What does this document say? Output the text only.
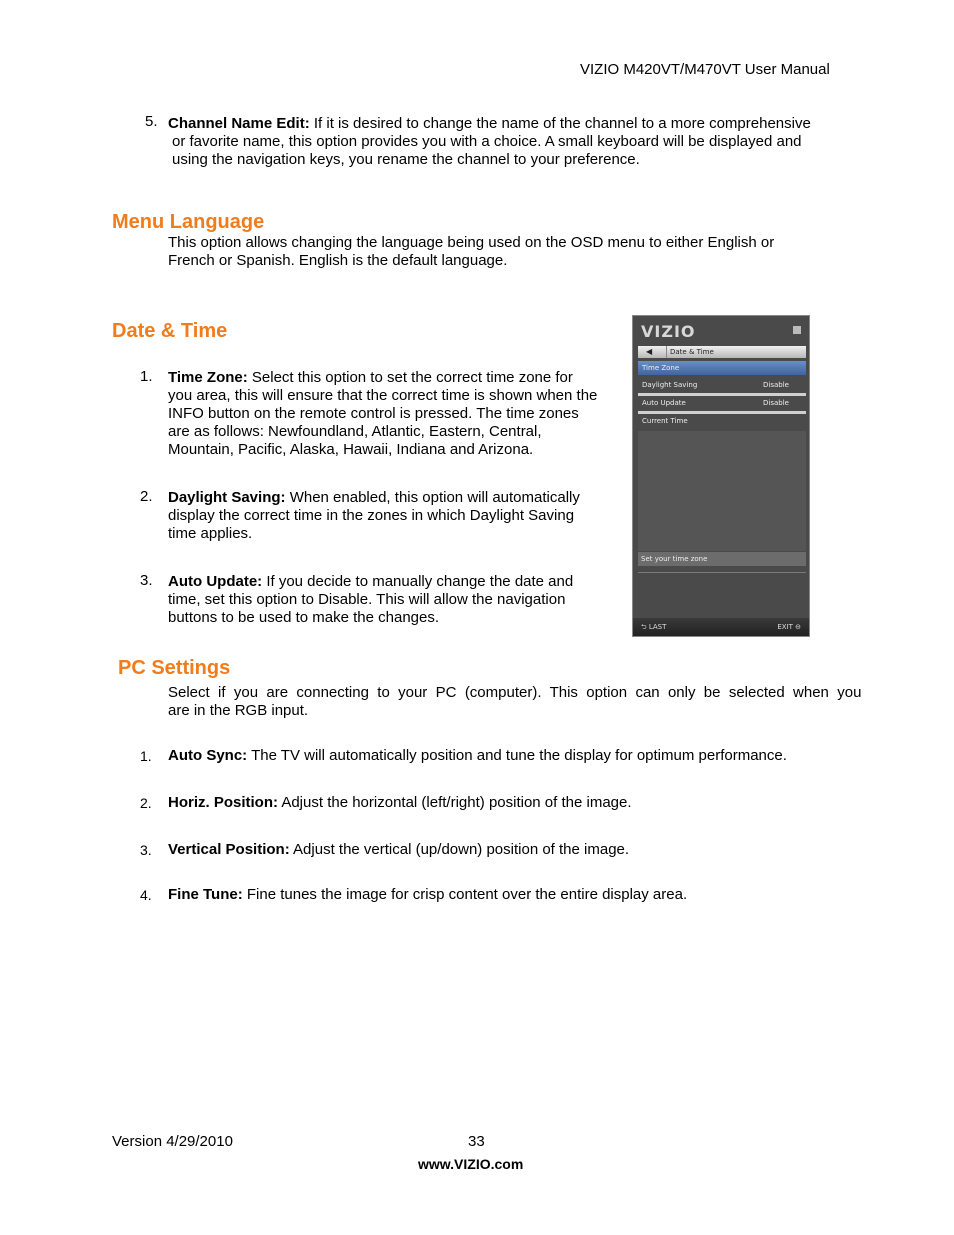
VIZIO M420VT/M470VT User Manual
5. Channel Name Edit: If it is desired to change the name of the channel to a more comprehensive
or favorite name, this option provides you with a choice. A small keyboard will be displayed and
using the navigation keys, you rename the channel to your preference.
Menu Language
This option allows changing the language being used on the OSD menu to either English or
French or Spanish. English is the default language.
Date & Time
1. Time Zone: Select this option to set the correct time zone for
you area, this will ensure that the correct time is shown when the
INFO button on the remote control is pressed. The time zones
are as follows: Newfoundland, Atlantic, Eastern, Central,
Mountain, Pacific, Alaska, Hawaii, Indiana and Arizona.
2. Daylight Saving: When enabled, this option will automatically
display the correct time in the zones in which Daylight Saving
time applies.
3. Auto Update: If you decide to manually change the date and
time, set this option to Disable. This will allow the navigation
buttons to be used to make the changes.
VIZIO
◀	Date & Time
Time Zone
Daylight Saving	Disable
Auto Update	Disable
Current Time
Set your time zone
⮌ LAST	EXIT ⊖
PC Settings
Select  if  you  are  connecting  to  your  PC  (computer).  This  option  can  only  be  selected  when  you
are in the RGB input.
1. Auto Sync: The TV will automatically position and tune the display for optimum performance.
2. Horiz. Position: Adjust the horizontal (left/right) position of the image.
3. Vertical Position: Adjust the vertical (up/down) position of the image.
4. Fine Tune: Fine tunes the image for crisp content over the entire display area.
Version 4/29/2010	33
www.VIZIO.com
